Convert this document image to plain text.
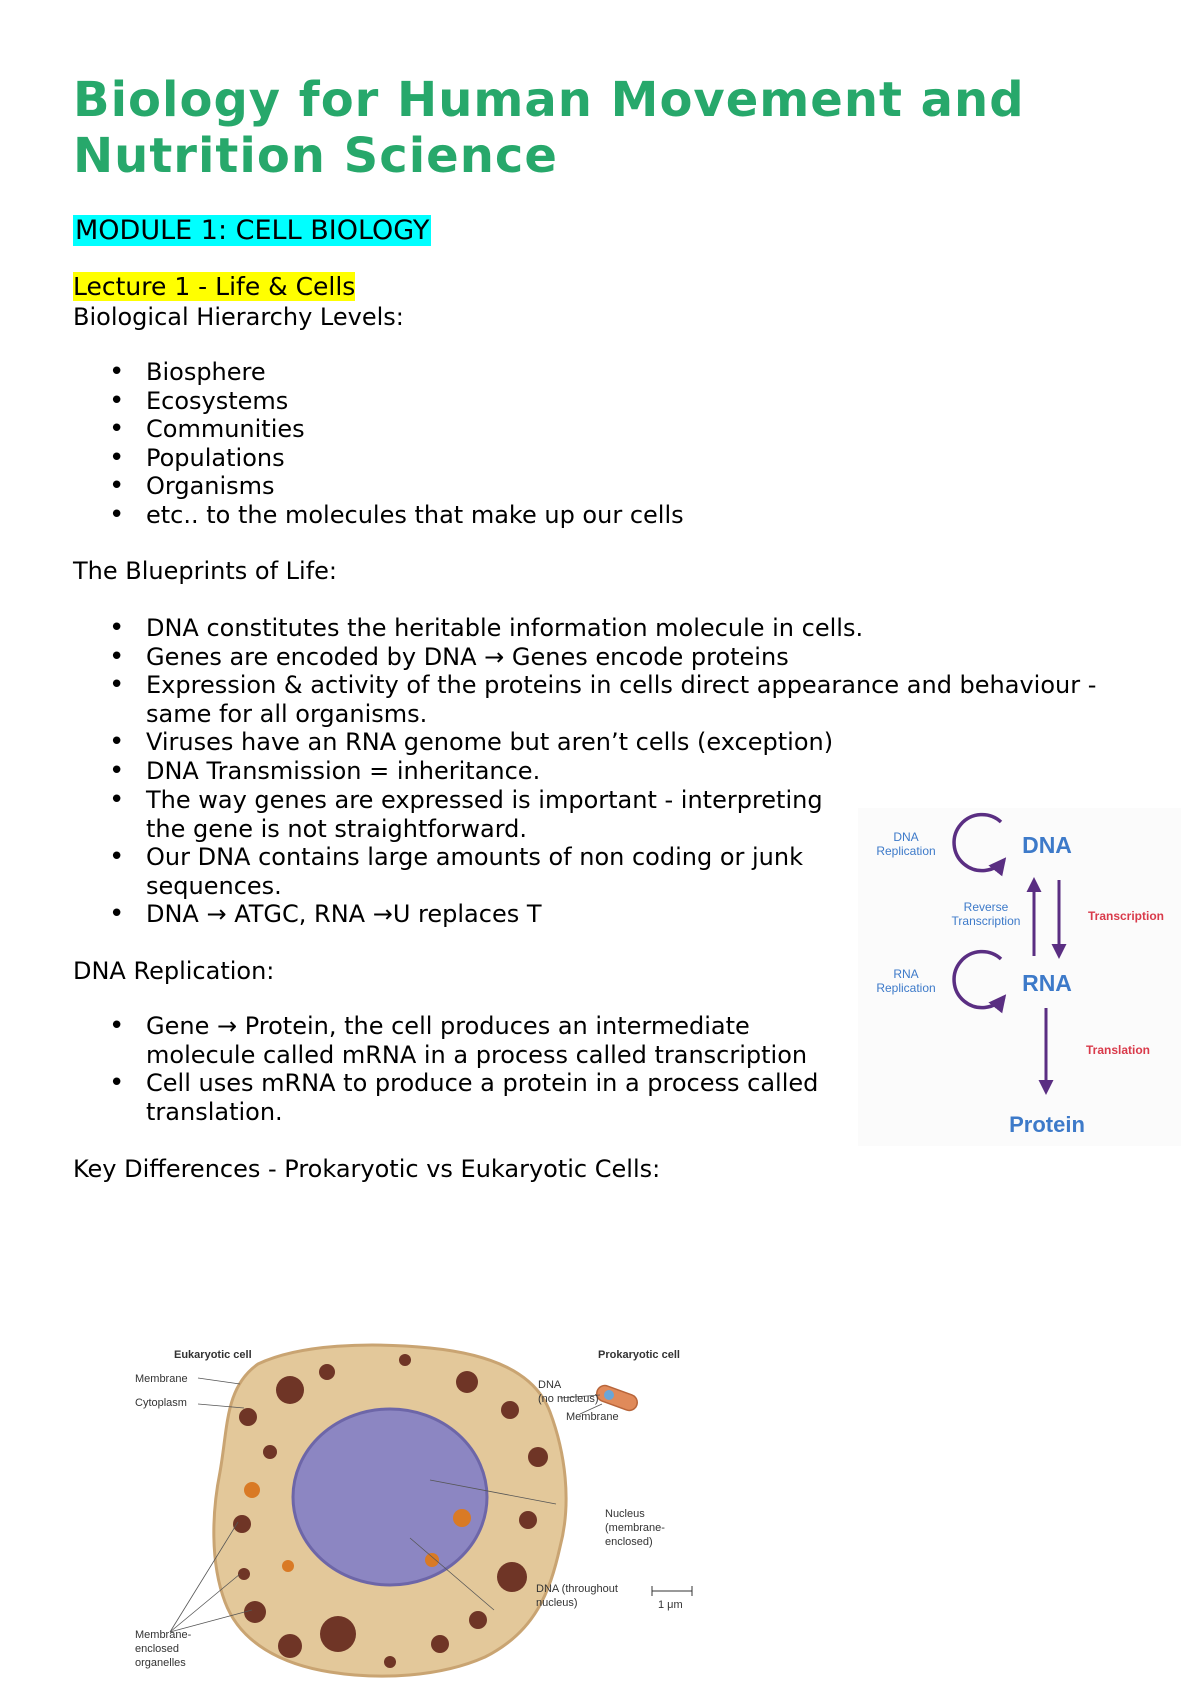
Biology for Human Movement and Nutrition Science
MODULE 1: CELL BIOLOGY
Lecture 1 - Life & Cells
Biological Hierarchy Levels:
• Biosphere
• Ecosystems
• Communities
• Populations
• Organisms
• etc.. to the molecules that make up our cells
The Blueprints of Life:
• DNA constitutes the heritable information molecule in cells.
• Genes are encoded by DNA → Genes encode proteins
• Expression & activity of the proteins in cells direct appearance and behaviour - same for all organisms.
• Viruses have an RNA genome but aren’t cells (exception)
• DNA Transmission = inheritance.
• The way genes are expressed is important - interpreting the gene is not straightforward.
• Our DNA contains large amounts of non coding or junk sequences.
• DNA → ATGC, RNA →U replaces T
DNA Replication:
• Gene → Protein, the cell produces an intermediate molecule called mRNA in a process called transcription
• Cell uses mRNA to produce a protein in a process called translation.
Key Differences - Prokaryotic vs Eukaryotic Cells:
DNA
Replication	DNA
Reverse
Transcription	Transcription
RNA
Replication	RNA
Translation
Protein
Eukaryotic cell	Prokaryotic cell
Membrane
Cytoplasm
Membrane-
enclosed
organelles
DNA
(no nucleus)
Membrane
Nucleus
(membrane-
enclosed)
DNA (throughout
nucleus)	1 μm
